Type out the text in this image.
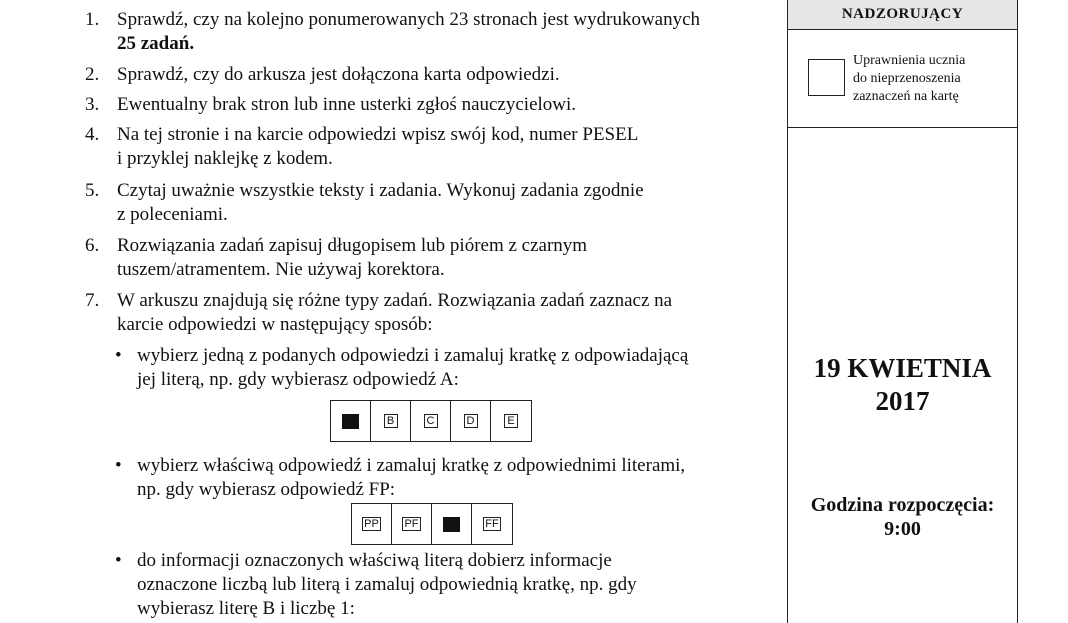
1. Sprawdź, czy na kolejno ponumerowanych 23 stronach jest wydrukowanych
25 zadań.
2. Sprawdź, czy do arkusza jest dołączona karta odpowiedzi.
3. Ewentualny brak stron lub inne usterki zgłoś nauczycielowi.
4. Na tej stronie i na karcie odpowiedzi wpisz swój kod, numer PESEL
i przyklej naklejkę z kodem.
5. Czytaj uważnie wszystkie teksty i zadania. Wykonuj zadania zgodnie
z poleceniami.
6. Rozwiązania zadań zapisuj długopisem lub piórem z czarnym
tuszem/atramentem. Nie używaj korektora.
7. W arkuszu znajdują się różne typy zadań. Rozwiązania zadań zaznacz na
karcie odpowiedzi w następujący sposób:
• wybierz jedną z podanych odpowiedzi i zamaluj kratkę z odpowiadającą
jej literą, np. gdy wybierasz odpowiedź A:
• wybierz właściwą odpowiedź i zamaluj kratkę z odpowiednimi literami,
np. gdy wybierasz odpowiedź FP:
• do informacji oznaczonych właściwą literą dobierz informacje
oznaczone liczbą lub literą i zamaluj odpowiednią kratkę, np. gdy
wybierasz literę B i liczbę 1:
B	C	D	E
PP PF	FF
NADZORUJĄCY
Uprawnienia ucznia
do nieprzenoszenia
zaznaczeń na kartę
19 KWIETNIA
2017
Godzina rozpoczęcia:
9:00
